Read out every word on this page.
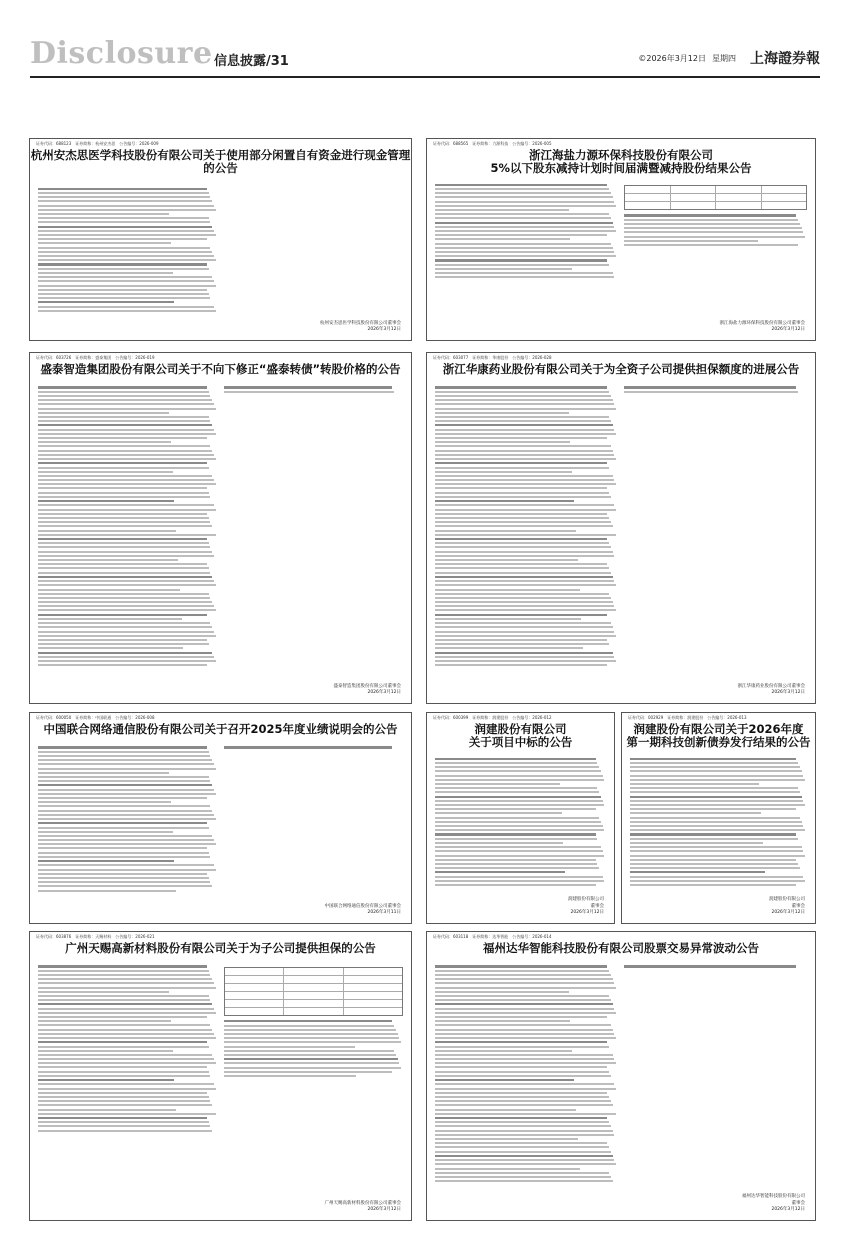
Disclosure 信息披露/31	©2026年3月12日 星期四 上海證券報
证券代码：688123　证券简称：杭州安杰思　公告编号：2026-009
杭州安杰思医学科技股份有限公司关于使用部分闲置自有资金进行现金管理的公告
杭州安杰思医学科技股份有限公司董事会
2026年3月12日
证券代码：688565　证券简称：力源科技　公告编号：2026-005
浙江海盐力源环保科技股份有限公司
5%以下股东减持计划时间届满暨减持股份结果公告
浙江海盐力源环保科技股份有限公司董事会
2026年3月12日
证券代码：603726　证券简称：盛泰集团　公告编号：2026-019
盛泰智造集团股份有限公司关于不向下修正“盛泰转债”转股价格的公告
盛泰智造集团股份有限公司董事会
2026年3月12日
证券代码：603077　证券简称：华康股份　公告编号：2026-028
浙江华康药业股份有限公司关于为全资子公司提供担保额度的进展公告
浙江华康药业股份有限公司董事会
2026年3月12日
证券代码：600050　证券简称：中国联通　公告编号：2026-008
中国联合网络通信股份有限公司关于召开2025年度业绩说明会的公告
中国联合网络通信股份有限公司董事会
2026年3月11日
证券代码：600399　证券简称：润建股份　公告编号：2026-012
润建股份有限公司
关于项目中标的公告
润建股份有限公司
董事会
2026年3月12日
证券代码：002929　证券简称：润建股份　公告编号：2026-013
润建股份有限公司关于2026年度
第一期科技创新债券发行结果的公告
润建股份有限公司
董事会
2026年3月12日
证券代码：603876　证券简称：天赐材料　公告编号：2026-021
广州天赐高新材料股份有限公司关于为子公司提供担保的公告
广州天赐高新材料股份有限公司董事会
2026年3月12日
证券代码：603118　证券简称：达华智能　公告编号：2026-014
福州达华智能科技股份有限公司股票交易异常波动公告
福州达华智能科技股份有限公司
董事会
2026年3月12日
